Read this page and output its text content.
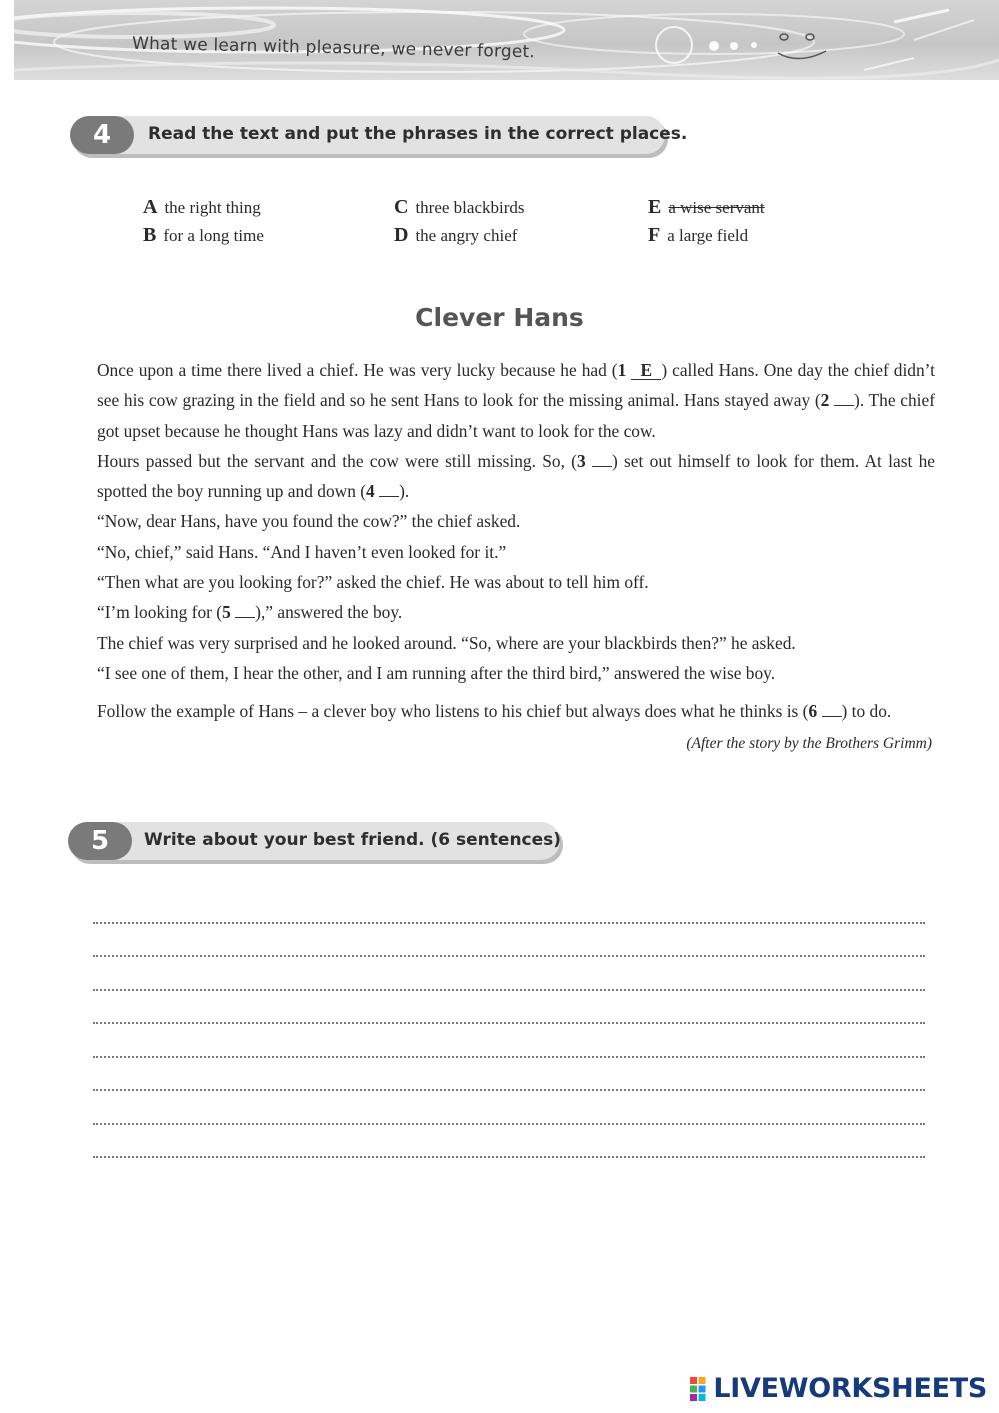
What we learn with pleasure, we never forget.
4	Read the text and put the phrases in the correct places.
A the right thing
B for a long time
C three blackbirds
D the angry chief
E a wise servant
F a large field
Clever Hans

Once upon a time there lived a chief. He was very lucky because he had (1 E ) called Hans. One day the chief didn’t see his cow grazing in the field and so he sent Hans to look for the missing animal. Hans stayed away (2 ). The chief got upset because he thought Hans was lazy and didn’t want to look for the cow.

Hours passed but the servant and the cow were still missing. So, (3 ) set out himself to look for them. At last he spotted the boy running up and down (4 ).

“Now, dear Hans, have you found the cow?” the chief asked.

“No, chief,” said Hans. “And I haven’t even looked for it.”

“Then what are you looking for?” asked the chief. He was about to tell him off.

“I’m looking for (5 ),” answered the boy.

The chief was very surprised and he looked around. “So, where are your blackbirds then?” he asked.

“I see one of them, I hear the other, and I am running after the third bird,” answered the wise boy.

Follow the example of Hans – a clever boy who listens to his chief but always does what he thinks is (6 ) to do.

(After the story by the Brothers Grimm)
5	Write about your best friend. (6 sentences)
LIVEWORKSHEETS
